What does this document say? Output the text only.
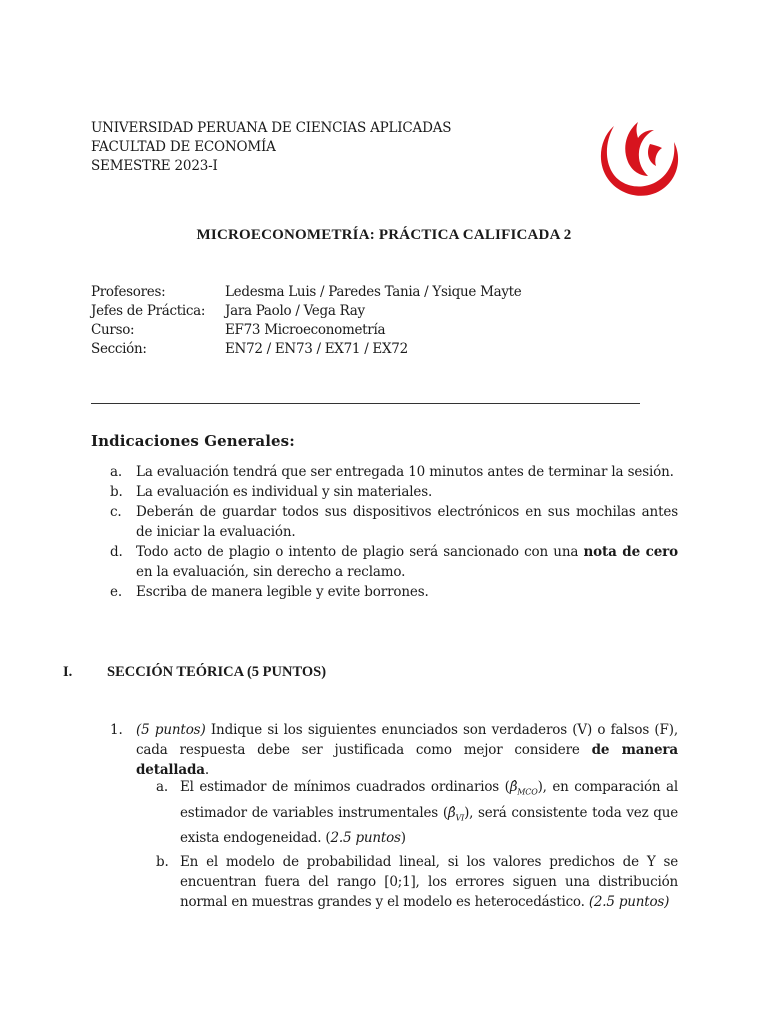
UNIVERSIDAD PERUANA DE CIENCIAS APLICADAS
FACULTAD DE ECONOMÍA
SEMESTRE 2023-I
MICROECONOMETRÍA: PRÁCTICA CALIFICADA 2
Profesores:	Ledesma Luis / Paredes Tania / Ysique Mayte
Jefes de Práctica:	Jara Paolo / Vega Ray
Curso:	EF73 Microeconometría
Sección:	EN72 / EN73 / EX71 / EX72
Indicaciones Generales:
a.	La evaluación tendrá que ser entregada 10 minutos antes de terminar la sesión.
b. La evaluación es individual y sin materiales.
c.	Deberán de guardar todos sus dispositivos electrónicos en sus mochilas antes de iniciar la evaluación.
d. Todo acto de plagio o intento de plagio será sancionado con una nota de cero en la evaluación, sin derecho a reclamo.
e.	Escriba de manera legible y evite borrones.
I.	SECCIÓN TEÓRICA (5 PUNTOS)
1. (5 puntos) Indique si los siguientes enunciados son verdaderos (V) o falsos (F), cada respuesta debe ser justificada como mejor considere de manera detallada.
a. El estimador de mínimos cuadrados ordinarios $(\betâ_{MCO})$, en comparación al estimador de variables instrumentales $(\betâ_{VI})$, será consistente toda vez que exista endogeneidad. (2.5 puntos)
b. En el modelo de probabilidad lineal, si los valores predichos de Y se encuentran fuera del rango [0;1], los errores siguen una distribución normal en muestras grandes y el modelo es heterocedástico. (2.5 puntos)
